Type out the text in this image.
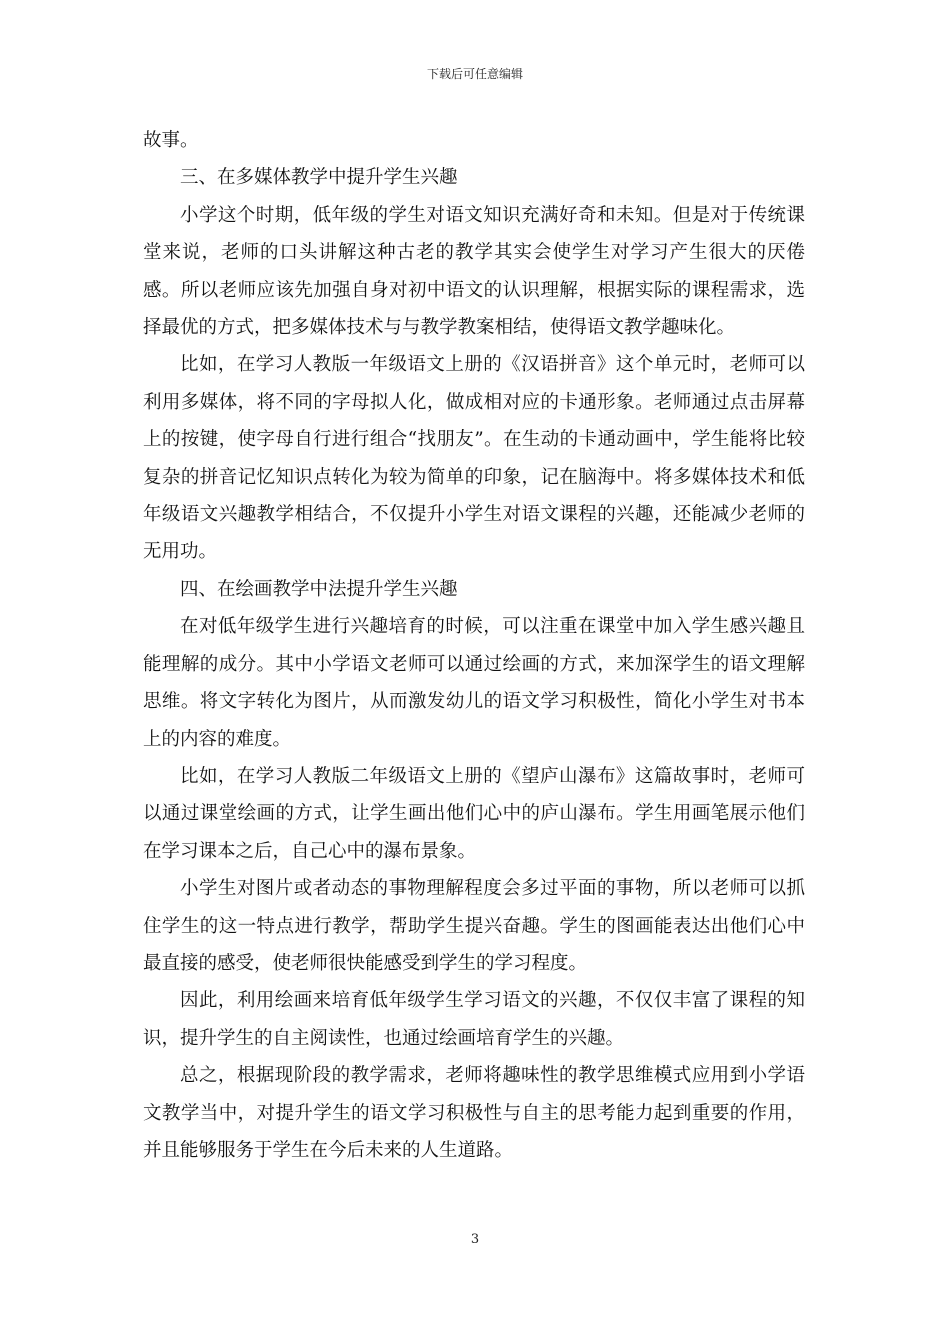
下载后可任意编辑

故事。

三、在多媒体教学中提升学生兴趣

小学这个时期，低年级的学生对语文知识充满好奇和未知。但是对于传统课堂来说，老师的口头讲解这种古老的教学其实会使学生对学习产生很大的厌倦感。所以老师应该先加强自身对初中语文的认识理解，根据实际的课程需求，选择最优的方式，把多媒体技术与与教学教案相结，使得语文教学趣味化。

比如，在学习人教版一年级语文上册的《汉语拼音》这个单元时，老师可以利用多媒体，将不同的字母拟人化，做成相对应的卡通形象。老师通过点击屏幕上的按键，使字母自行进行组合“找朋友”。在生动的卡通动画中，学生能将比较复杂的拼音记忆知识点转化为较为简单的印象，记在脑海中。将多媒体技术和低年级语文兴趣教学相结合，不仅提升小学生对语文课程的兴趣，还能减少老师的无用功。

四、在绘画教学中法提升学生兴趣

在对低年级学生进行兴趣培育的时候，可以注重在课堂中加入学生感兴趣且能理解的成分。其中小学语文老师可以通过绘画的方式，来加深学生的语文理解思维。将文字转化为图片，从而激发幼儿的语文学习积极性，简化小学生对书本上的内容的难度。

比如，在学习人教版二年级语文上册的《望庐山瀑布》这篇故事时，老师可以通过课堂绘画的方式，让学生画出他们心中的庐山瀑布。学生用画笔展示他们在学习课本之后，自己心中的瀑布景象。

小学生对图片或者动态的事物理解程度会多过平面的事物，所以老师可以抓住学生的这一特点进行教学，帮助学生提兴奋趣。学生的图画能表达出他们心中最直接的感受，使老师很快能感受到学生的学习程度。

因此，利用绘画来培育低年级学生学习语文的兴趣，不仅仅丰富了课程的知识，提升学生的自主阅读性，也通过绘画培育学生的兴趣。

总之，根据现阶段的教学需求，老师将趣味性的教学思维模式应用到小学语文教学当中，对提升学生的语文学习积极性与自主的思考能力起到重要的作用，并且能够服务于学生在今后未来的人生道路。

3
